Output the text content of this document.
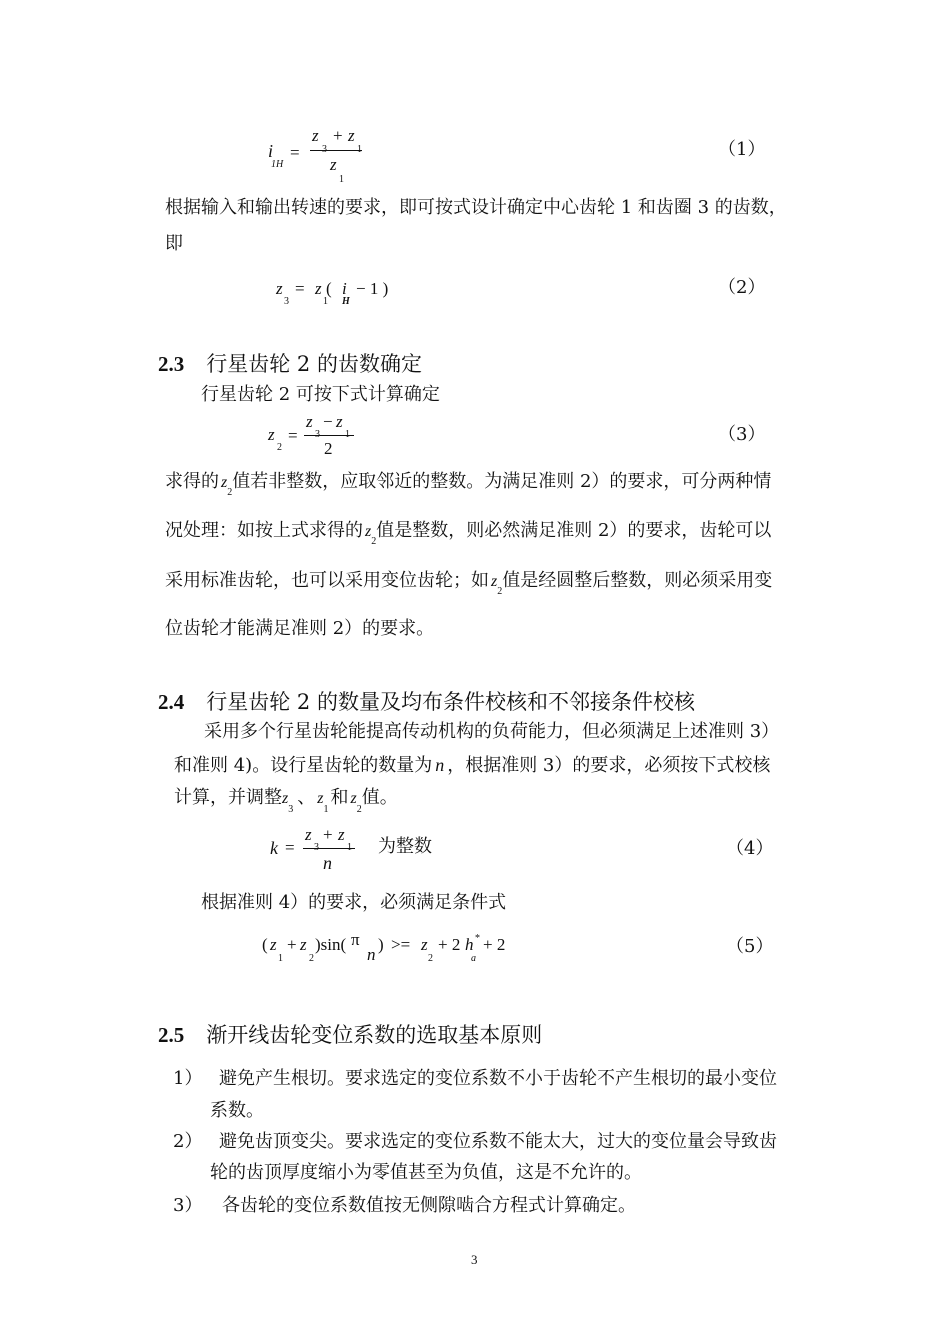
i
1H
=
z + z
z
1
（1）
根据输入和输出转速的要求，即可按式设计确定中心齿轮 1 和齿圈 3 的齿数，
即
z
3
= z
1
( i
H
− 1 )	（2）
2.3 行星齿轮 2 的齿数确定
行星齿轮 2 可按下式计算确定
z
2
=
z − z
2
（3）
求得的 $z_2$值若非整数，应取邻近的整数。为满足准则 2）的要求，可分两种情
况处理：如按上式求得的 $z_2$值是整数，则必然满足准则 2）的要求，齿轮可以
采用标准齿轮，也可以采用变位齿轮；如 $z_2$值是经圆整后整数，则必须采用变
位齿轮才能满足准则 2）的要求。
2.4 行星齿轮 2 的数量及均布条件校核和不邻接条件校核
采用多个行星齿轮能提高传动机构的负荷能力，但必须满足上述准则 3）
和准则 4)。设行星齿轮的数量为 n ，根据准则 3）的要求，必须按下式校核
计算，并调整$z_3$、 $z_1$和 $z_2$值。
k =
z + z
n
为整数	（4）
根据准则 4）的要求，必须满足条件式
( z
1
+ z
2
)sin( π
n
) >= z
2
+ 2 h
a
* + 2	（5）
2.5 渐开线齿轮变位系数的选取基本原则
1） 避免产生根切。要求选定的变位系数不小于齿轮不产生根切的最小变位
系数。
2） 避免齿顶变尖。要求选定的变位系数不能太大，过大的变位量会导致齿
轮的齿顶厚度缩小为零值甚至为负值，这是不允许的。
3） 各齿轮的变位系数值按无侧隙啮合方程式计算确定。
3
